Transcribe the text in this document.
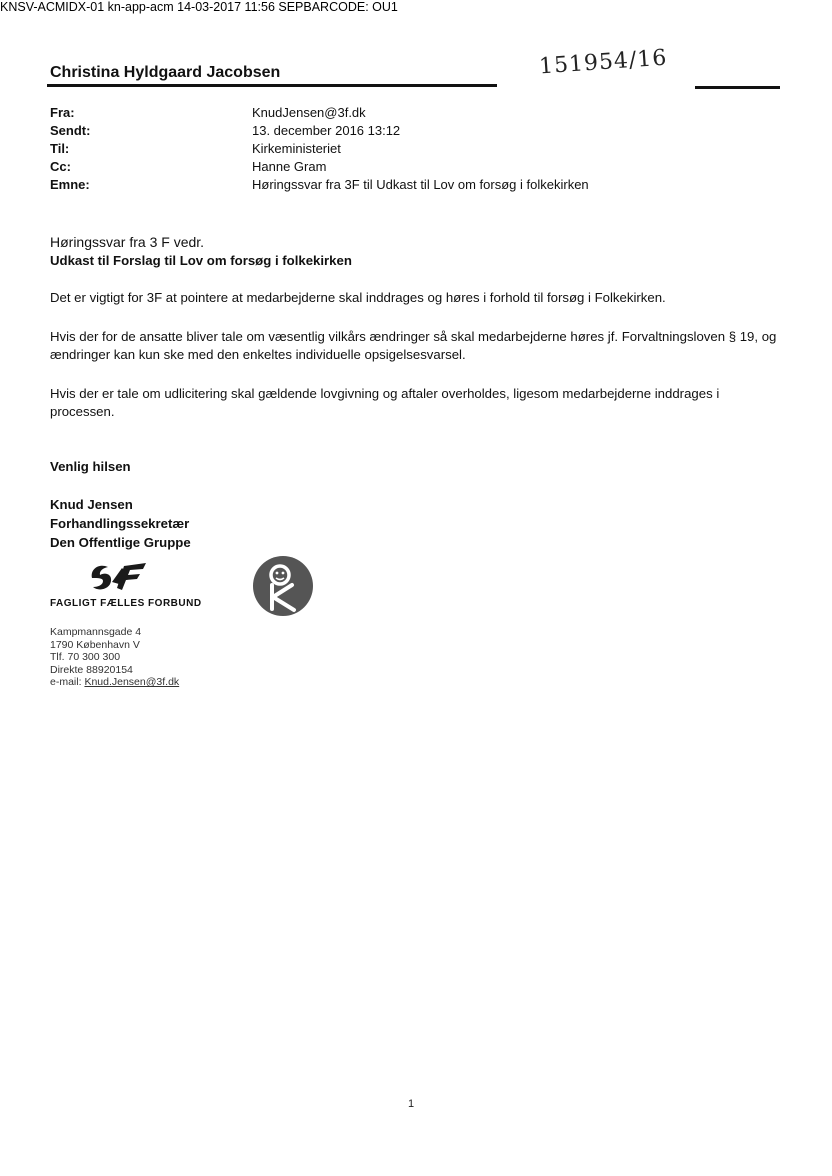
KNSV-ACMIDX-01 kn-app-acm 14-03-2017 11:56 SEPBARCODE: OU1
151954/16
Christina Hyldgaard Jacobsen
Fra:	KnudJensen@3f.dk
Sendt:	13. december 2016 13:12
Til:	Kirkeministeriet
Cc:	Hanne Gram
Emne:	Høringssvar fra 3F til Udkast til Lov om forsøg i folkekirken
Høringssvar fra 3 F vedr.
Udkast til Forslag til Lov om forsøg i folkekirken
Det er vigtigt for 3F at pointere at medarbejderne skal inddrages og høres i forhold til forsøg i Folkekirken.
Hvis der for de ansatte bliver tale om væsentlig vilkårs ændringer så skal medarbejderne høres jf. Forvaltningsloven § 19, og ændringer kan kun ske med den enkeltes individuelle opsigelsesvarsel.
Hvis der er tale om udlicitering skal gældende lovgivning og aftaler overholdes, ligesom medarbejderne inddrages i processen.
Venlig hilsen
Knud Jensen
Forhandlingssekretær
Den Offentlige Gruppe
FAGLIGT FÆLLES FORBUND
Kampmannsgade 4
1790 København V
Tlf. 70 300 300
Direkte 88920154
e-mail: Knud.Jensen@3f.dk
1
